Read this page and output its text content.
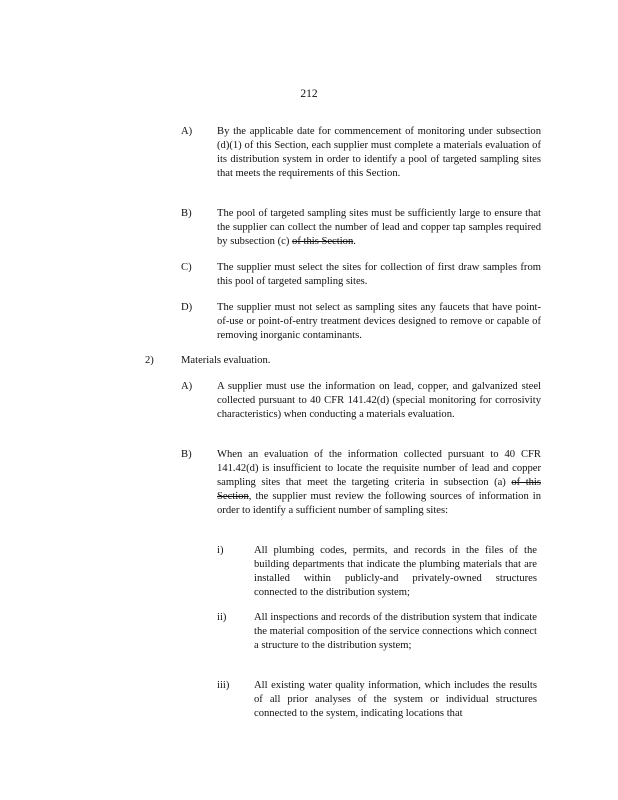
212
A) By the applicable date for commencement of monitoring under subsection (d)(1) of this Section, each supplier must complete a materials evaluation of its distribution system in order to identify a pool of targeted sampling sites that meets the requirements of this Section.
B) The pool of targeted sampling sites must be sufficiently large to ensure that the supplier can collect the number of lead and copper tap samples required by subsection (c) of this Section.
C) The supplier must select the sites for collection of first draw samples from this pool of targeted sampling sites.
D) The supplier must not select as sampling sites any faucets that have point-of-use or point-of-entry treatment devices designed to remove or capable of removing inorganic contaminants.
2)	Materials evaluation.
A) A supplier must use the information on lead, copper, and galvanized steel collected pursuant to 40 CFR 141.42(d) (special monitoring for corrosivity characteristics) when conducting a materials evaluation.
B) When an evaluation of the information collected pursuant to 40 CFR 141.42(d) is insufficient to locate the requisite number of lead and copper sampling sites that meet the targeting criteria in subsection (a) of this Section, the supplier must review the following sources of information in order to identify a sufficient number of sampling sites:
i)	All plumbing codes, permits, and records in the files of the building departments that indicate the plumbing materials that are installed within publicly-and privately-owned structures connected to the distribution system;
ii)	All inspections and records of the distribution system that indicate the material composition of the service connections which connect a structure to the distribution system;
iii) All existing water quality information, which includes the results of all prior analyses of the system or individual structures connected to the system, indicating locations that
